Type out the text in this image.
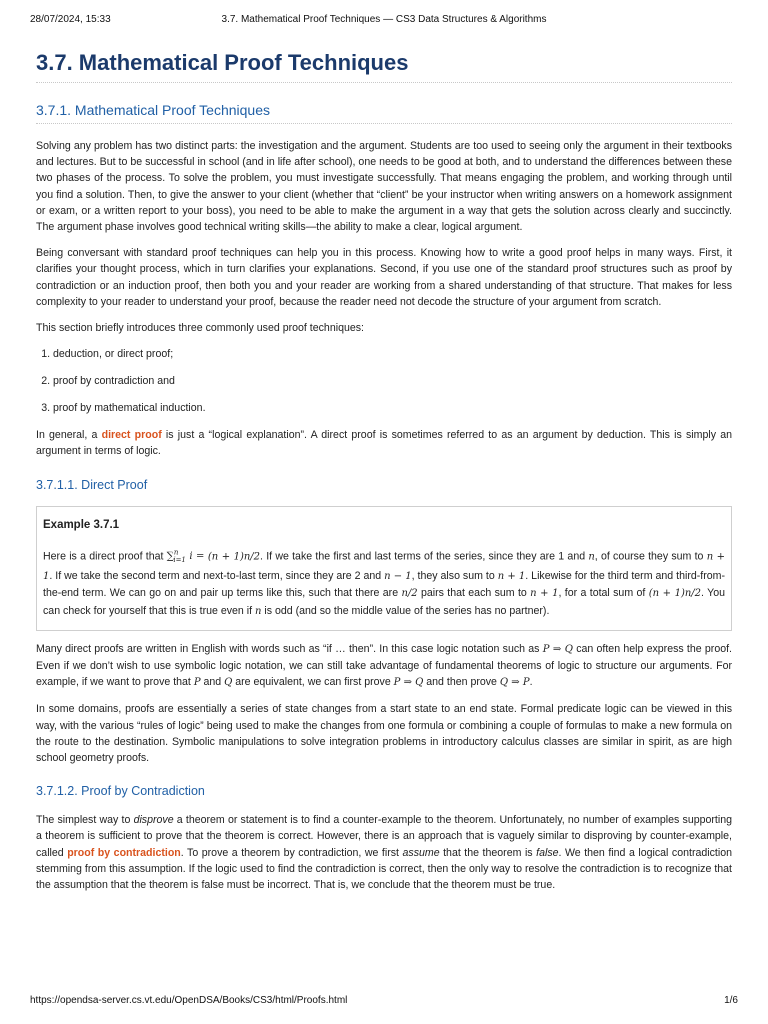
28/07/2024, 15:33	3.7. Mathematical Proof Techniques — CS3 Data Structures & Algorithms
3.7. Mathematical Proof Techniques
3.7.1. Mathematical Proof Techniques

Solving any problem has two distinct parts: the investigation and the argument. Students are too used to seeing only the argument in their textbooks and lectures. But to be successful in school (and in life after school), one needs to be good at both, and to understand the differences between these two phases of the process. To solve the problem, you must investigate successfully. That means engaging the problem, and working through until you find a solution. Then, to give the answer to your client (whether that “client” be your instructor when writing answers on a homework assignment or exam, or a written report to your boss), you need to be able to make the argument in a way that gets the solution across clearly and succinctly. The argument phase involves good technical writing skills—the ability to make a clear, logical argument.

Being conversant with standard proof techniques can help you in this process. Knowing how to write a good proof helps in many ways. First, it clarifies your thought process, which in turn clarifies your explanations. Second, if you use one of the standard proof structures such as proof by contradiction or an induction proof, then both you and your reader are working from a shared understanding of that structure. That makes for less complexity to your reader to understand your proof, because the reader need not decode the structure of your argument from scratch.

This section briefly introduces three commonly used proof techniques:

1. deduction, or direct proof;
2. proof by contradiction and
3. proof by mathematical induction.

In general, a direct proof is just a “logical explanation”. A direct proof is sometimes referred to as an argument by deduction. This is simply an argument in terms of logic.

3.7.1.1. Direct Proof
Example 3.7.1

Here is a direct proof that ∑$^n_{i=1}$ i = (n + 1)n/2. If we take the first and last terms of the series, since they are 1 and n, of course they sum to n + 1. If we take the second term and next-to-last term, since they are 2 and n − 1, they also sum to n + 1. Likewise for the third term and third-from-the-end term. We can go on and pair up terms like this, such that there are n/2 pairs that each sum to n + 1, for a total sum of (n + 1)n/2. You can check for yourself that this is true even if n is odd (and so the middle value of the series has no partner).

Many direct proofs are written in English with words such as “if … then”. In this case logic notation such as P ⇒ Q can often help express the proof. Even if we don’t wish to use symbolic logic notation, we can still take advantage of fundamental theorems of logic to structure our arguments. For example, if we want to prove that P and Q are equivalent, we can first prove P ⇒ Q and then prove Q ⇒ P.

In some domains, proofs are essentially a series of state changes from a start state to an end state. Formal predicate logic can be viewed in this way, with the various “rules of logic” being used to make the changes from one formula or combining a couple of formulas to make a new formula on the route to the destination. Symbolic manipulations to solve integration problems in introductory calculus classes are similar in spirit, as are high school geometry proofs.

3.7.1.2. Proof by Contradiction

The simplest way to disprove a theorem or statement is to find a counter-example to the theorem. Unfortunately, no number of examples supporting a theorem is sufficient to prove that the theorem is correct. However, there is an approach that is vaguely similar to disproving by counter-example, called proof by contradiction. To prove a theorem by contradiction, we first assume that the theorem is false. We then find a logical contradiction stemming from this assumption. If the logic used to find the contradiction is correct, then the only way to resolve the contradiction is to recognize that the assumption that the theorem is false must be incorrect. That is, we conclude that the theorem must be true.

https://opendsa-server.cs.vt.edu/OpenDSA/Books/CS3/html/Proofs.html	1/6
